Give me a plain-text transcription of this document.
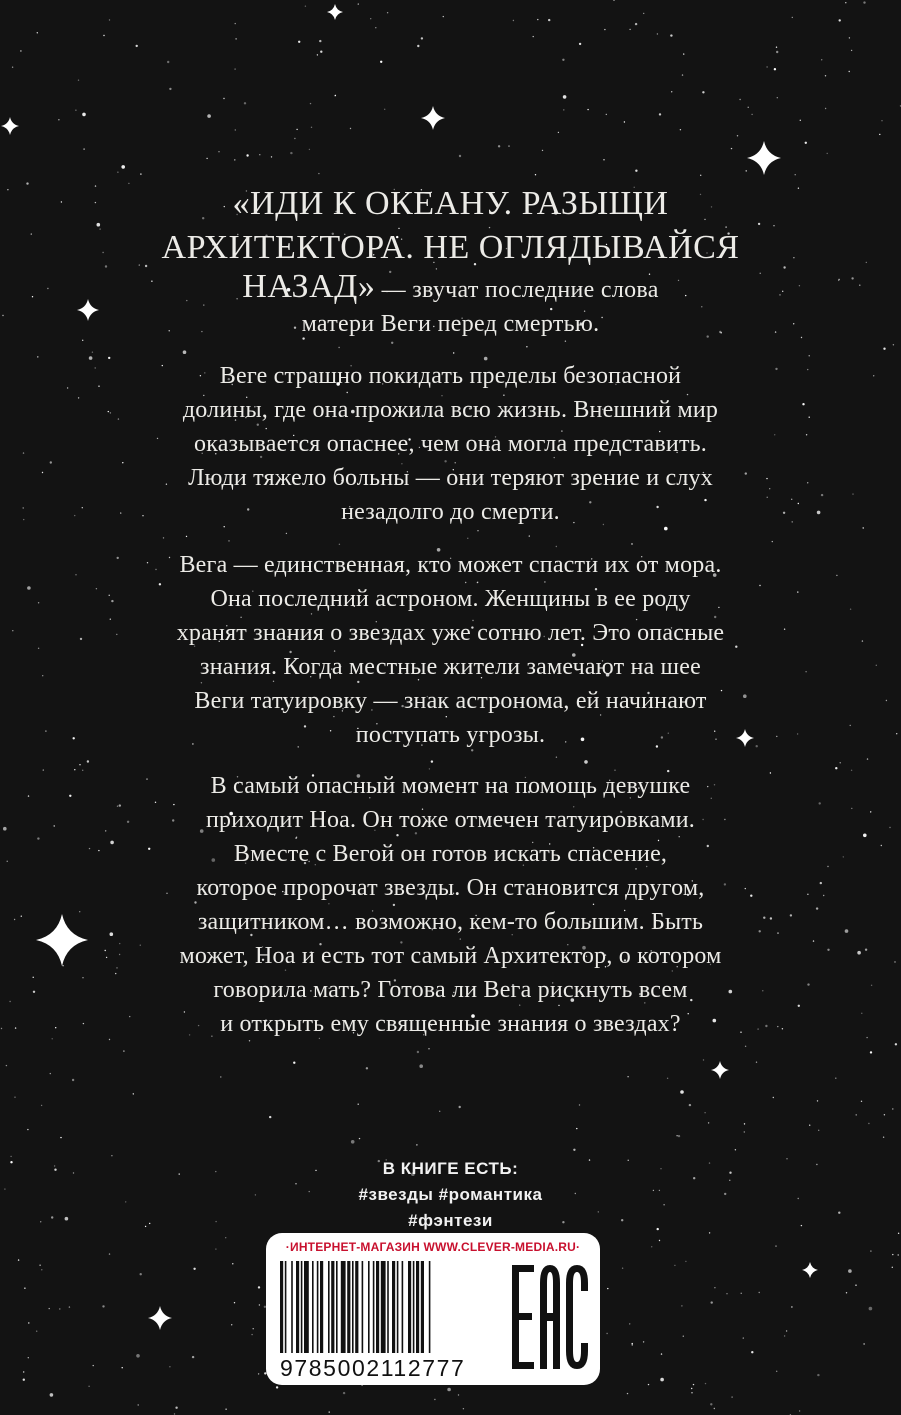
«ИДИ К ОКЕАНУ. РАЗЫЩИ
АРХИТЕКТОРА. НЕ ОГЛЯДЫВАЙСЯ
НАЗАД» — звучат последние слова
матери Веги перед смертью.
Веге страшно покидать пределы безопасной
долины, где она прожила всю жизнь. Внешний мир
оказывается опаснее, чем она могла представить.
Люди тяжело больны — они теряют зрение и слух
незадолго до смерти.
Вега — единственная, кто может спасти их от мора.
Она последний астроном. Женщины в ее роду
хранят знания о звездах уже сотню лет. Это опасные
знания. Когда местные жители замечают на шее
Веги татуировку — знак астронома, ей начинают
поступать угрозы.
В самый опасный момент на помощь девушке
приходит Ноа. Он тоже отмечен татуировками.
Вместе с Вегой он готов искать спасение,
которое пророчат звезды. Он становится другом,
защитником… возможно, кем-то большим. Быть
может, Ноа и есть тот самый Архитектор, о котором
говорила мать? Готова ли Вега рискнуть всем
и открыть ему священные знания о звездах?
В КНИГЕ ЕСТЬ:
#звезды #романтика
#фэнтези
·ИНТЕРНЕТ-МАГАЗИН WWW.CLEVER-MEDIA.RU·
9785002112777
